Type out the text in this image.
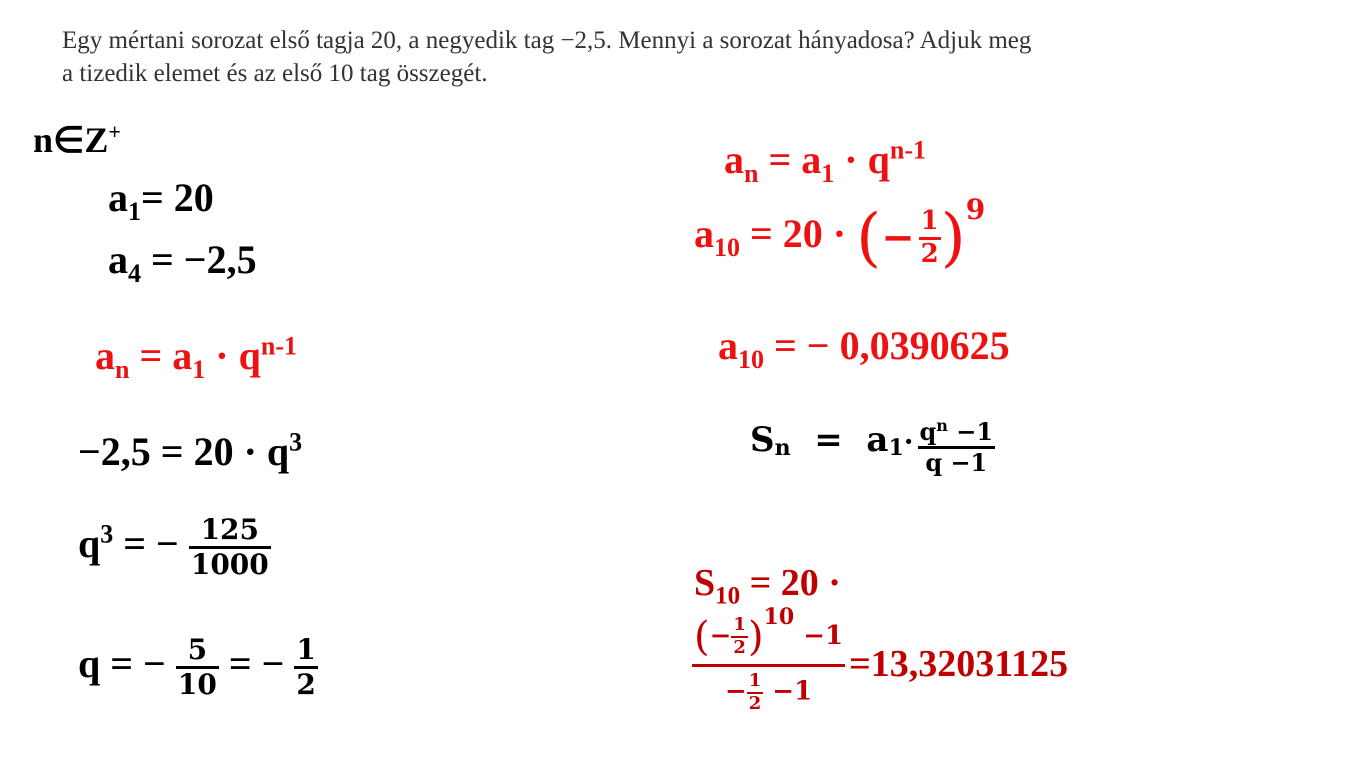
Egy mértani sorozat első tagja 20, a negyedik tag −2,5. Mennyi a sorozat hányadosa? Adjuk meg
a tizedik elemet és az első 10 tag összegét.
n∈Z+
$a_1= 20$
$a_4 = -2,5$
$a_n = a_1 \cdot q^{n-1}$
$-2,5 = 20 \cdot q^3$
$q^3$ = − $\frac{125}{1000}$
q = − $\frac{5}{10}$ = − $\frac{1}{2}$
$a_n = a_1 \cdot q^{n-1}$
$a_{10} = 20$ · (− $\frac{1}{2} )^9$
$a_{10}$ = − 0,0390625
$S_n = a_1\cdot \frac{q^n -1}{q -1}$
$S_{10} = 20$ ·
$\frac{(- \frac{1}{2} )^{10} -1}{- \frac{1}{2} -1} =13,32031125$
